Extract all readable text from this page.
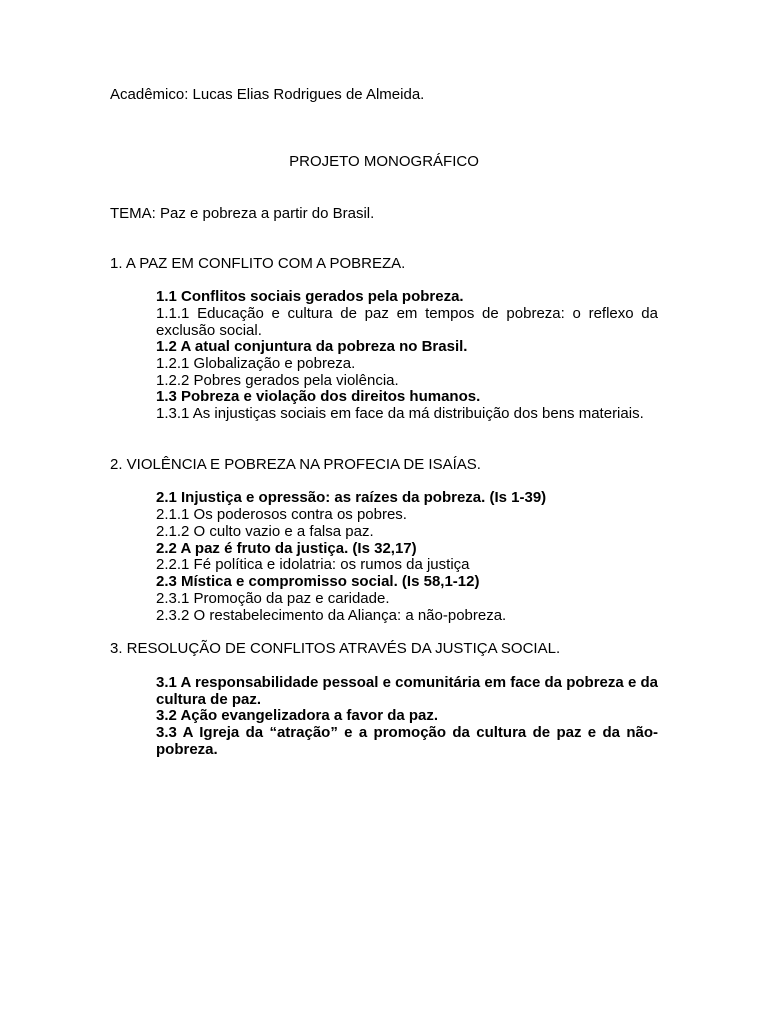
Acadêmico: Lucas Elias Rodrigues de Almeida.
PROJETO MONOGRÁFICO
TEMA: Paz e pobreza a partir do Brasil.
1. A PAZ EM CONFLITO COM A POBREZA.
1.1 Conflitos sociais gerados pela pobreza.
1.1.1 Educação e cultura de paz em tempos de pobreza: o reflexo da exclusão social.
1.2 A atual conjuntura da pobreza no Brasil.
1.2.1 Globalização e pobreza.
1.2.2 Pobres gerados pela violência.
1.3 Pobreza e violação dos direitos humanos.
1.3.1 As injustiças sociais em face da má distribuição dos bens materiais.
2. VIOLÊNCIA E POBREZA NA PROFECIA DE ISAÍAS.
2.1 Injustiça e opressão: as raízes da pobreza. (Is 1-39)
2.1.1 Os poderosos contra os pobres.
2.1.2 O culto vazio e a falsa paz.
2.2 A paz é fruto da justiça. (Is 32,17)
2.2.1 Fé política e idolatria: os rumos da justiça
2.3 Mística e compromisso social. (Is 58,1-12)
2.3.1 Promoção da paz e caridade.
2.3.2 O restabelecimento da Aliança: a não-pobreza.
3. RESOLUÇÃO DE CONFLITOS ATRAVÉS DA JUSTIÇA SOCIAL.
3.1 A responsabilidade pessoal e comunitária em face da pobreza e da cultura de paz.
3.2 Ação evangelizadora a favor da paz.
3.3 A Igreja da “atração” e a promoção da cultura de paz e da não-pobreza.
